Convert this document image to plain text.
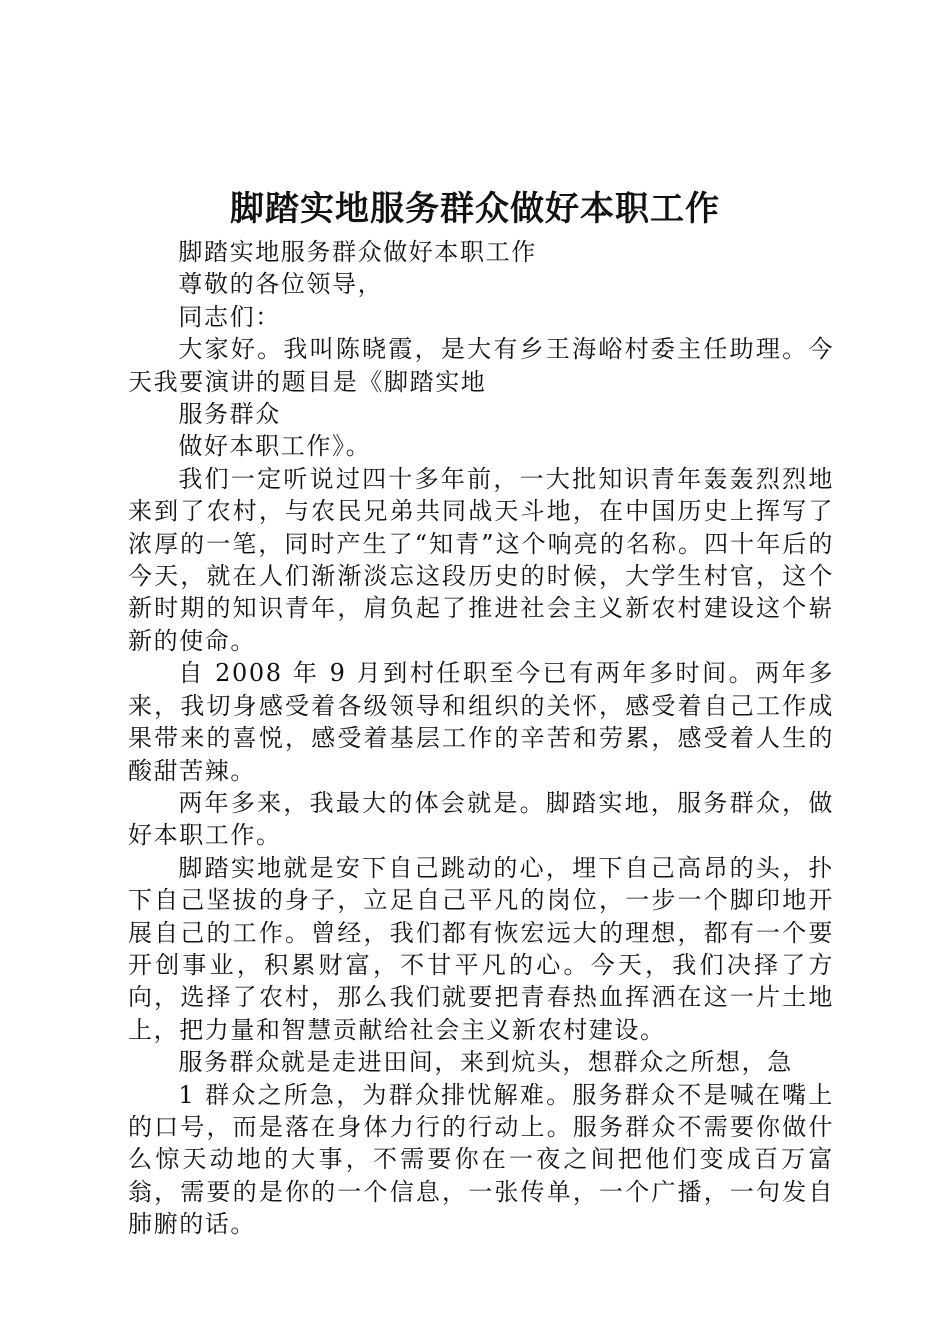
脚踏实地服务群众做好本职工作

脚踏实地服务群众做好本职工作

尊敬的各位领导，

同志们：

大家好。我叫陈晓霞，是大有乡王海峪村委主任助理。今天我要演讲的题目是《脚踏实地

服务群众

做好本职工作》。

我们一定听说过四十多年前，一大批知识青年轰轰烈烈地来到了农村，与农民兄弟共同战天斗地，在中国历史上挥写了浓厚的一笔，同时产生了“知青”这个响亮的名称。四十年后的今天，就在人们渐渐淡忘这段历史的时候，大学生村官，这个新时期的知识青年，肩负起了推进社会主义新农村建设这个崭新的使命。

自 2008 年 9 月到村任职至今已有两年多时间。两年多来，我切身感受着各级领导和组织的关怀，感受着自己工作成果带来的喜悦，感受着基层工作的辛苦和劳累，感受着人生的酸甜苦辣。

两年多来，我最大的体会就是。脚踏实地，服务群众，做好本职工作。

脚踏实地就是安下自己跳动的心，埋下自己高昂的头，扑下自己坚拔的身子，立足自己平凡的岗位，一步一个脚印地开展自己的工作。曾经，我们都有恢宏远大的理想，都有一个要开创事业，积累财富，不甘平凡的心。今天，我们决择了方向，选择了农村，那么我们就要把青春热血挥洒在这一片土地上，把力量和智慧贡献给社会主义新农村建设。

服务群众就是走进田间，来到炕头，想群众之所想，急

1 群众之所急，为群众排忧解难。服务群众不是喊在嘴上的口号，而是落在身体力行的行动上。服务群众不需要你做什么惊天动地的大事，不需要你在一夜之间把他们变成百万富翁，需要的是你的一个信息，一张传单，一个广播，一句发自肺腑的话。
